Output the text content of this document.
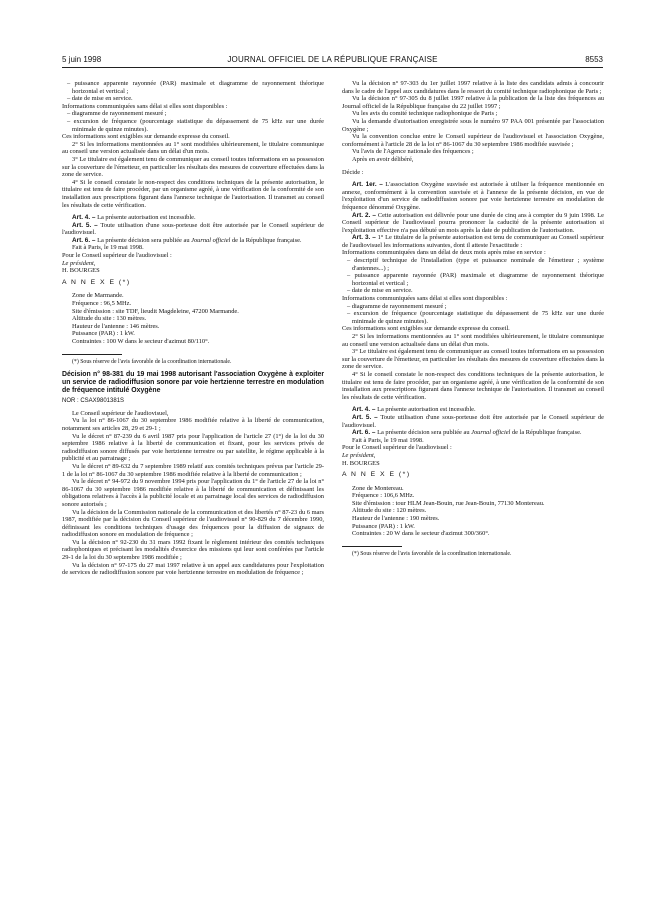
5 juin 1998	JOURNAL OFFICIEL DE LA RÉPUBLIQUE FRANÇAISE	8553

– puissance apparente rayonnée (PAR) maximale et diagramme de rayonnement théorique horizontal et vertical ;

– date de mise en service.

Informations communiquées sans délai si elles sont disponibles :

– diagramme de rayonnement mesuré ;

– excursion de fréquence (pourcentage statistique du dépassement de 75 kHz sur une durée minimale de quinze minutes).

Ces informations sont exigibles sur demande expresse du conseil.

2° Si les informations mentionnées au 1° sont modifiées ultérieurement, le titulaire communique au conseil une version actualisée dans un délai d'un mois.

3° Le titulaire est également tenu de communiquer au conseil toutes informations en sa possession sur la couverture de l'émetteur, en particulier les résultats des mesures de couverture effectuées dans la zone de service.

4° Si le conseil constate le non-respect des conditions techniques de la présente autorisation, le titulaire est tenu de faire procéder, par un organisme agréé, à une vérification de la conformité de son installation aux prescriptions figurant dans l'annexe technique de l'autorisation. Il transmet au conseil les résultats de cette vérification.

Art. 4. – La présente autorisation est incessible.

Art. 5. – Toute utilisation d'une sous-porteuse doit être autorisée par le Conseil supérieur de l'audiovisuel.

Art. 6. – La présente décision sera publiée au Journal officiel de la République française.

Fait à Paris, le 19 mai 1998.

Pour le Conseil supérieur de l'audiovisuel :

Le président,

H. BOURGES

A N N E X E (*)

Zone de Marmande.

Fréquence : 96,5 MHz.

Site d'émission : site TDF, lieudit Magdeleine, 47200 Marmande.

Altitude du site : 130 mètres.

Hauteur de l'antenne : 146 mètres.

Puissance (PAR) : 1 kW.

Contraintes : 100 W dans le secteur d'azimut 80/110°.

(*) Sous réserve de l'avis favorable de la coordination internationale.

Décision n° 98-381 du 19 mai 1998 autorisant l'association Oxygène à exploiter un service de radiodiffusion sonore par voie hertzienne terrestre en modulation de fréquence intitulé Oxygène

NOR : CSAX9801381S

Le Conseil supérieur de l'audiovisuel,

Vu la loi n° 86-1067 du 30 septembre 1986 modifiée relative à la liberté de communication, notamment ses articles 28, 29 et 29-1 ;

Vu le décret n° 87-239 du 6 avril 1987 pris pour l'application de l'article 27 (1°) de la loi du 30 septembre 1986 relative à la liberté de communication et fixant, pour les services privés de radiodiffusion sonore diffusés par voie hertzienne terrestre ou par satellite, le régime applicable à la publicité et au parrainage ;

Vu le décret n° 89-632 du 7 septembre 1989 relatif aux comités techniques prévus par l'article 29-1 de la loi n° 86-1067 du 30 septembre 1986 modifiée relative à la liberté de communication ;

Vu le décret n° 94-972 du 9 novembre 1994 pris pour l'application du 1° de l'article 27 de la loi n° 86-1067 du 30 septembre 1986 modifiée relative à la liberté de communication et définissant les obligations relatives à l'accès à la publicité locale et au parrainage local des services de radiodiffusion sonore autorisés ;

Vu la décision de la Commission nationale de la communication et des libertés n° 87-23 du 6 mars 1987, modifiée par la décision du Conseil supérieur de l'audiovisuel n° 90-829 du 7 décembre 1990, définissant les conditions techniques d'usage des fréquences pour la diffusion de signaux de radiodiffusion sonore en modulation de fréquence ;

Vu la décision n° 92-230 du 31 mars 1992 fixant le règlement intérieur des comités techniques radiophoniques et précisant les modalités d'exercice des missions qui leur sont conférées par l'article 29-1 de la loi du 30 septembre 1986 modifiée ;

Vu la décision n° 97-175 du 27 mai 1997 relative à un appel aux candidatures pour l'exploitation de services de radiodiffusion sonore par voie hertzienne terrestre en modulation de fréquence ;

Vu la décision n° 97-303 du 1er juillet 1997 relative à la liste des candidats admis à concourir dans le cadre de l'appel aux candidatures dans le ressort du comité technique radiophonique de Paris ;

Vu la décision n° 97-305 du 8 juillet 1997 relative à la publication de la liste des fréquences au Journal officiel de la République française du 22 juillet 1997 ;

Vu les avis du comité technique radiophonique de Paris ;

Vu la demande d'autorisation enregistrée sous le numéro 97 PAA 001 présentée par l'association Oxygène ;

Vu la convention conclue entre le Conseil supérieur de l'audiovisuel et l'association Oxygène, conformément à l'article 28 de la loi n° 86-1067 du 30 septembre 1986 modifiée susvisée ;

Vu l'avis de l'Agence nationale des fréquences ;

Après en avoir délibéré,

Décide :

Art. 1er. – L'association Oxygène susvisée est autorisée à utiliser la fréquence mentionnée en annexe, conformément à la convention susvisée et à l'annexe de la présente décision, en vue de l'exploitation d'un service de radiodiffusion sonore par voie hertzienne terrestre en modulation de fréquence dénommé Oxygène.

Art. 2. – Cette autorisation est délivrée pour une durée de cinq ans à compter du 9 juin 1998. Le Conseil supérieur de l'audiovisuel pourra prononcer la caducité de la présente autorisation si l'exploitation effective n'a pas débuté un mois après la date de publication de l'autorisation.

Art. 3. – 1° Le titulaire de la présente autorisation est tenu de communiquer au Conseil supérieur de l'audiovisuel les informations suivantes, dont il atteste l'exactitude :

Informations communiquées dans un délai de deux mois après mise en service :

– descriptif technique de l'installation (type et puissance nominale de l'émetteur ; système d'antennes...) ;

– puissance apparente rayonnée (PAR) maximale et diagramme de rayonnement théorique horizontal et vertical ;

– date de mise en service.

Informations communiquées sans délai si elles sont disponibles :

– diagramme de rayonnement mesuré ;

– excursion de fréquence (pourcentage statistique du dépassement de 75 kHz sur une durée minimale de quinze minutes).

Ces informations sont exigibles sur demande expresse du conseil.

2° Si les informations mentionnées au 1° sont modifiées ultérieurement, le titulaire communique au conseil une version actualisée dans un délai d'un mois.

3° Le titulaire est également tenu de communiquer au conseil toutes informations en sa possession sur la couverture de l'émetteur, en particulier les résultats des mesures de couverture effectuées dans la zone de service.

4° Si le conseil constate le non-respect des conditions techniques de la présente autorisation, le titulaire est tenu de faire procéder, par un organisme agréé, à une vérification de la conformité de son installation aux prescriptions figurant dans l'annexe technique de l'autorisation. Il transmet au conseil les résultats de cette vérification.

Art. 4. – La présente autorisation est incessible.

Art. 5. – Toute utilisation d'une sous-porteuse doit être autorisée par le Conseil supérieur de l'audiovisuel.

Art. 6. – La présente décision sera publiée au Journal officiel de la République française.

Fait à Paris, le 19 mai 1998.

Pour le Conseil supérieur de l'audiovisuel :

Le président,

H. BOURGES

A N N E X E (*)

Zone de Montereau.

Fréquence : 106,6 MHz.

Site d'émission : tour HLM Jean-Bouin, rue Jean-Bouin, 77130 Montereau.

Altitude du site : 120 mètres.

Hauteur de l'antenne : 190 mètres.

Puissance (PAR) : 1 kW.

Contraintes : 20 W dans le secteur d'azimut 300/360°.

(*) Sous réserve de l'avis favorable de la coordination internationale.
